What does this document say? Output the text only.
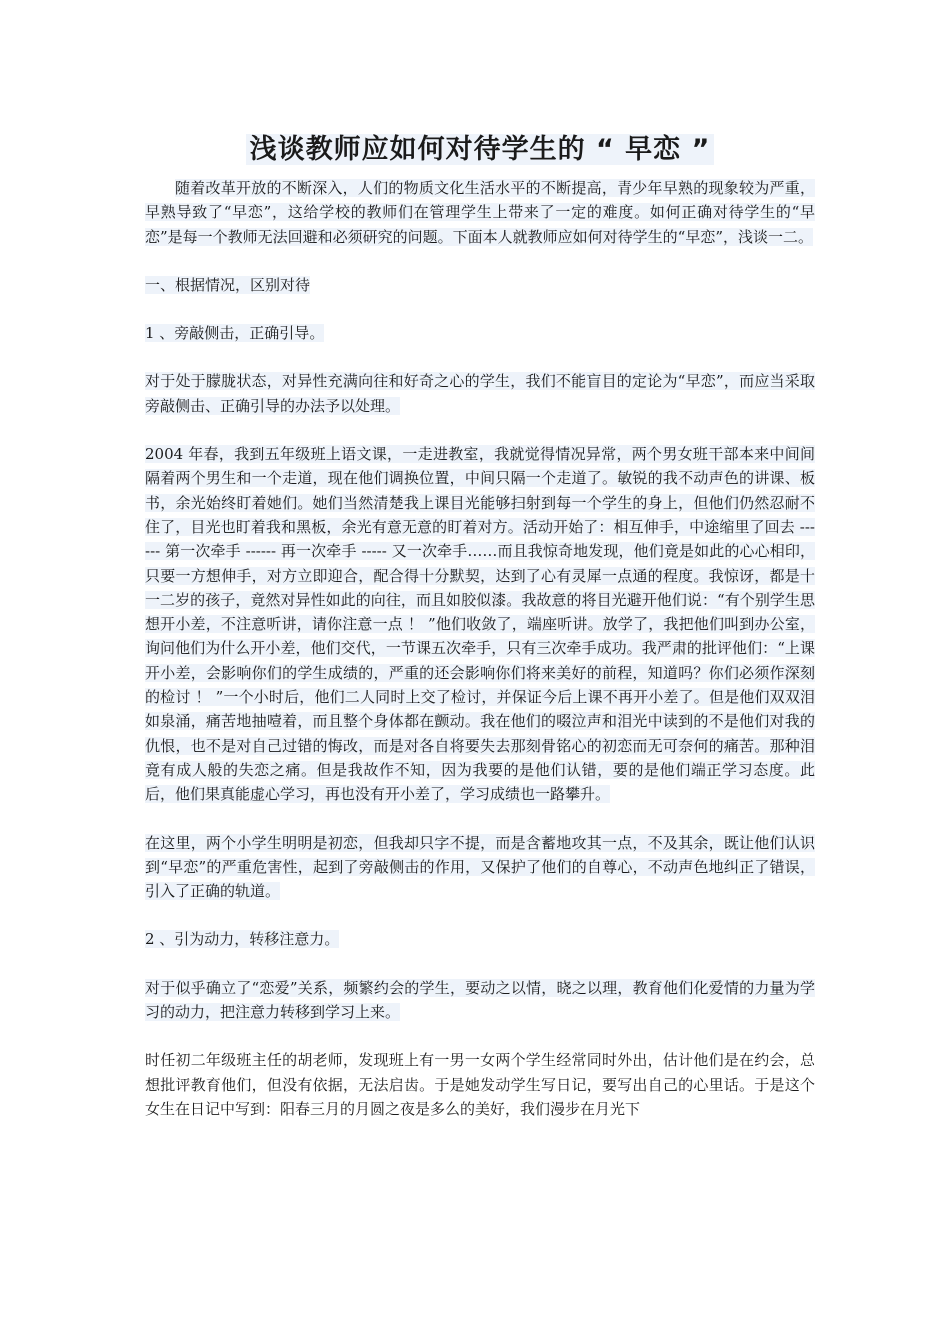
浅谈教师应如何对待学生的 “ 早恋 ”

随着改革开放的不断深入，人们的物质文化生活水平的不断提高，青少年早熟的现象较为严重，早熟导致了“早恋”，这给学校的教师们在管理学生上带来了一定的难度。如何正确对待学生的“早恋”是每一个教师无法回避和必须研究的问题。下面本人就教师应如何对待学生的“早恋”，浅谈一二。

一、根据情况，区别对待

1 、旁敲侧击，正确引导。

对于处于朦胧状态，对异性充满向往和好奇之心的学生，我们不能盲目的定论为“早恋”，而应当采取旁敲侧击、正确引导的办法予以处理。

2004 年春，我到五年级班上语文课，一走进教室，我就觉得情况异常，两个男女班干部本来中间间隔着两个男生和一个走道，现在他们调换位置，中间只隔一个走道了。敏锐的我不动声色的讲课、板书，余光始终盯着她们。她们当然清楚我上课目光能够扫射到每一个学生的身上，但他们仍然忍耐不住了，目光也盯着我和黑板，余光有意无意的盯着对方。活动开始了：相互伸手，中途缩里了回去 ------ 第一次牵手 ------ 再一次牵手 ----- 又一次牵手……而且我惊奇地发现，他们竟是如此的心心相印，只要一方想伸手，对方立即迎合，配合得十分默契，达到了心有灵犀一点通的程度。我惊讶，都是十一二岁的孩子，竟然对异性如此的向往，而且如胶似漆。我故意的将目光避开他们说：“有个别学生思想开小差，不注意听讲，请你注意一点 ！ ”他们收敛了，端座听讲。放学了，我把他们叫到办公室，询问他们为什么开小差，他们交代，一节课五次牵手，只有三次牵手成功。我严肃的批评他们：“上课开小差，会影响你们的学生成绩的，严重的还会影响你们将来美好的前程，知道吗？你们必须作深刻的检讨 ！ ”一个小时后，他们二人同时上交了检讨，并保证今后上课不再开小差了。但是他们双双泪如泉涌，痛苦地抽噎着，而且整个身体都在颤动。我在他们的啜泣声和泪光中读到的不是他们对我的仇恨，也不是对自己过错的悔改，而是对各自将要失去那刻骨铭心的初恋而无可奈何的痛苦。那种泪竟有成人般的失恋之痛。但是我故作不知，因为我要的是他们认错，要的是他们端正学习态度。此后，他们果真能虚心学习，再也没有开小差了，学习成绩也一路攀升。

在这里，两个小学生明明是初恋，但我却只字不提，而是含蓄地攻其一点，不及其余，既让他们认识到“早恋”的严重危害性，起到了旁敲侧击的作用，又保护了他们的自尊心，不动声色地纠正了错误，引入了正确的轨道。

2 、引为动力，转移注意力。

对于似乎确立了“恋爱”关系，频繁约会的学生，要动之以情，晓之以理，教育他们化爱情的力量为学习的动力，把注意力转移到学习上来。

时任初二年级班主任的胡老师，发现班上有一男一女两个学生经常同时外出，估计他们是在约会，总想批评教育他们，但没有依据，无法启齿。于是她发动学生写日记，要写出自己的心里话。于是这个女生在日记中写到：阳春三月的月圆之夜是多么的美好，我们漫步在月光下
